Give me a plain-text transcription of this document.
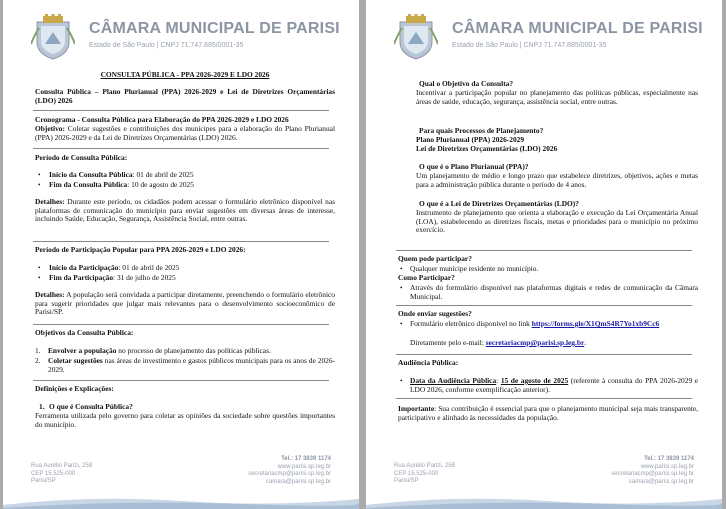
CÂMARA MUNICIPAL DE PARISI
Estado de São Paulo | CNPJ 71.747.885/0001-35
CONSULTA PÚBLICA - PPA 2026-2029 E LDO 2026
Consulta Pública – Plano Plurianual (PPA) 2026-2029 e Lei de Diretrizes Orçamentárias (LDO) 2026
Cronograma - Consulta Pública para Elaboração do PPA 2026-2029 e LDO 2026
Objetivo: Coletar sugestões e contribuições dos munícipes para a elaboração do Plano Plurianual (PPA) 2026-2029 e da Lei de Diretrizes Orçamentárias (LDO) 2026.
Período de Consulta Pública:
• Início da Consulta Pública: 01 de abril de 2025
• Fim da Consulta Pública: 10 de agosto de 2025
Detalhes: Durante este período, os cidadãos podem acessar o formulário eletrônico disponível nas plataformas de comunicação do município para enviar sugestões em diversas áreas de interesse, incluindo Saúde, Educação, Segurança, Assistência Social, entre outras.
Período de Participação Popular para PPA 2026-2029 e LDO 2026:
• Início da Participação: 01 de abril de 2025
• Fim da Participação: 31 de julho de 2025
Detalhes: A população será convidada a participar diretamente, preenchendo o formulário eletrônico para sugerir prioridades que julgar mais relevantes para o desenvolvimento socioeconômico de Parisi/SP.
Objetivos da Consulta Pública:
1. Envolver a população no processo de planejamento das políticas públicas.
2. Coletar sugestões nas áreas de investimento e gastos públicos municipais para os anos de 2026-2029.
Definições e Explicações:
1. O que é Consulta Pública?
Ferramenta utilizada pelo governo para coletar as opiniões da sociedade sobre questões importantes do município.
Rua Aurélio Parizi, 258
CEP 15.525-000
Parisi/SP
Tel.: 17 3839 1174
www.parisi.sp.leg.br
secretariacmp@parisi.sp.leg.br
camara@parisi.sp.leg.br
CÂMARA MUNICIPAL DE PARISI
Estado de São Paulo | CNPJ 71.747.885/0001-35
Qual o Objetivo da Consulta?
Incentivar a participação popular no planejamento das políticas públicas, especialmente nas áreas de saúde, educação, segurança, assistência social, entre outras.
Para quais Processos de Planejamento?
Plano Plurianual (PPA) 2026-2029
Lei de Diretrizes Orçamentárias (LDO) 2026
O que é o Plano Plurianual (PPA)?
Um planejamento de médio e longo prazo que estabelece diretrizes, objetivos, ações e metas para a administração pública durante o período de 4 anos.
O que é a Lei de Diretrizes Orçamentárias (LDO)?
Instrumento de planejamento que orienta a elaboração e execução da Lei Orçamentária Anual (LOA), estabelecendo as diretrizes fiscais, metas e prioridades para o município no próximo exercício.
Quem pode participar?
• Qualquer munícipe residente no município.
Como Participar?
• Através do formulário disponível nas plataformas digitais e redes de comunicação da Câmara Municipal.
Onde enviar sugestões?
• Formulário eletrônico disponível no link https://forms.gle/X1QmS4R7Yo1xb9Cc6
Diretamente pelo e-mail: secretariacmp@parisi.sp.leg.br.
Audiência Pública:
• Data da Audiência Pública: 15 de agosto de 2025 (referente à consulta do PPA 2026-2029 e LDO 2026, conforme exemplificação anterior).
Importante: Sua contribuição é essencial para que o planejamento municipal seja mais transparente, participativo e alinhado às necessidades da população.
Rua Aurélio Parizi, 258
CEP 15.525-000
Parisi/SP
Tel.: 17 3839 1174
www.parisi.sp.leg.br
secretariacmp@parisi.sp.leg.br
camara@parisi.sp.leg.br
